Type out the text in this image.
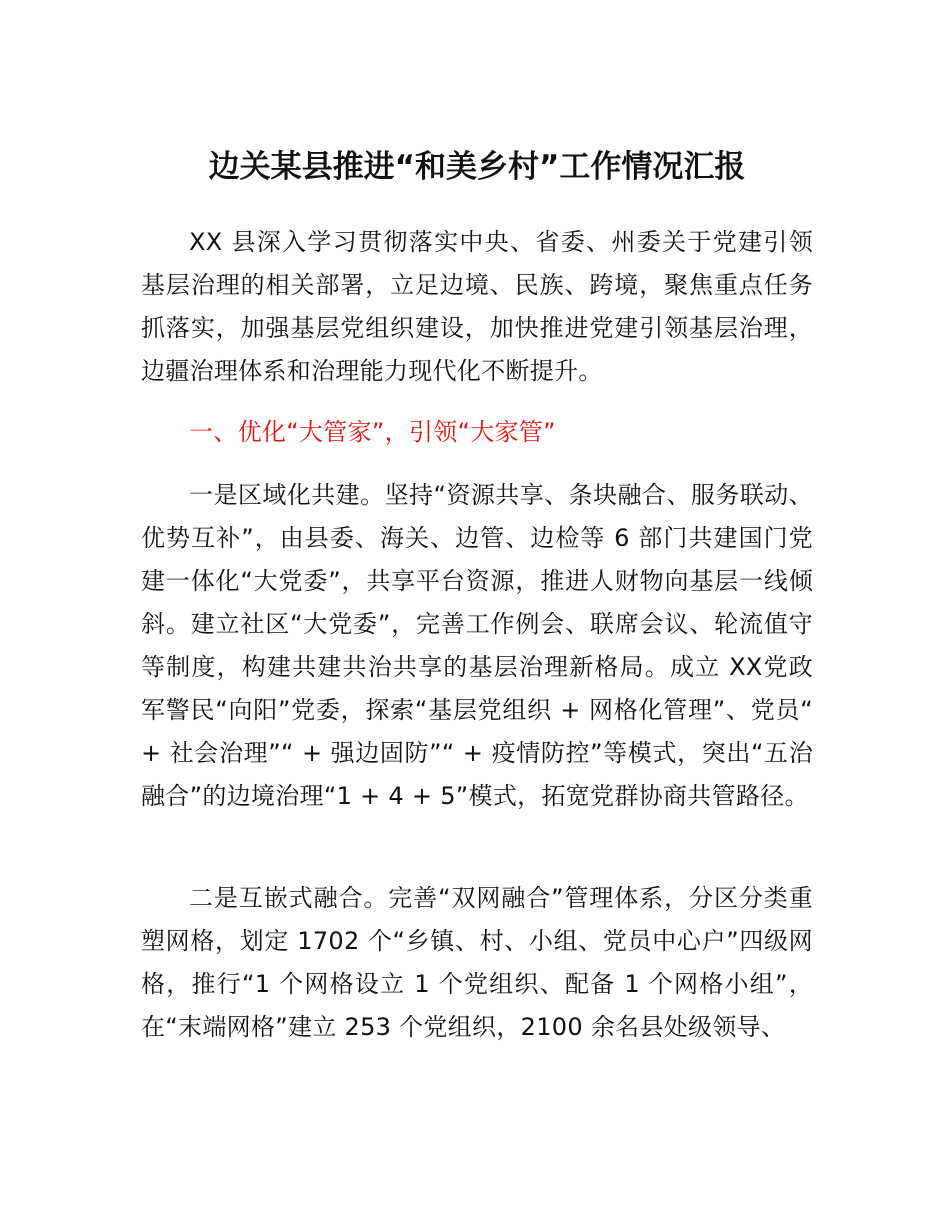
边关某县推进“和美乡村”工作情况汇报

XX 县深入学习贯彻落实中央、省委、州委关于党建引领基层治理的相关部署，立足边境、民族、跨境，聚焦重点任务抓落实，加强基层党组织建设，加快推进党建引领基层治理，边疆治理体系和治理能力现代化不断提升。

一、优化“大管家”，引领“大家管”

一是区域化共建。坚持“资源共享、条块融合、服务联动、优势互补”，由县委、海关、边管、边检等 6 部门共建国门党建一体化“大党委”，共享平台资源，推进人财物向基层一线倾斜。建立社区“大党委”，完善工作例会、联席会议、轮流值守等制度，构建共建共治共享的基层治理新格局。成立 XX党政军警民“向阳”党委，探索“基层党组织 + 网格化管理”、党员“ + 社会治理”“ + 强边固防”“ + 疫情防控”等模式，突出“五治融合”的边境治理“1 + 4 + 5”模式，拓宽党群协商共管路径。

二是互嵌式融合。完善“双网融合”管理体系，分区分类重塑网格，划定 1702 个“乡镇、村、小组、党员中心户”四级网格，推行“1 个网格设立 1 个党组织、配备 1 个网格小组”，在“末端网格”建立 253 个党组织，2100 余名县处级领导、
